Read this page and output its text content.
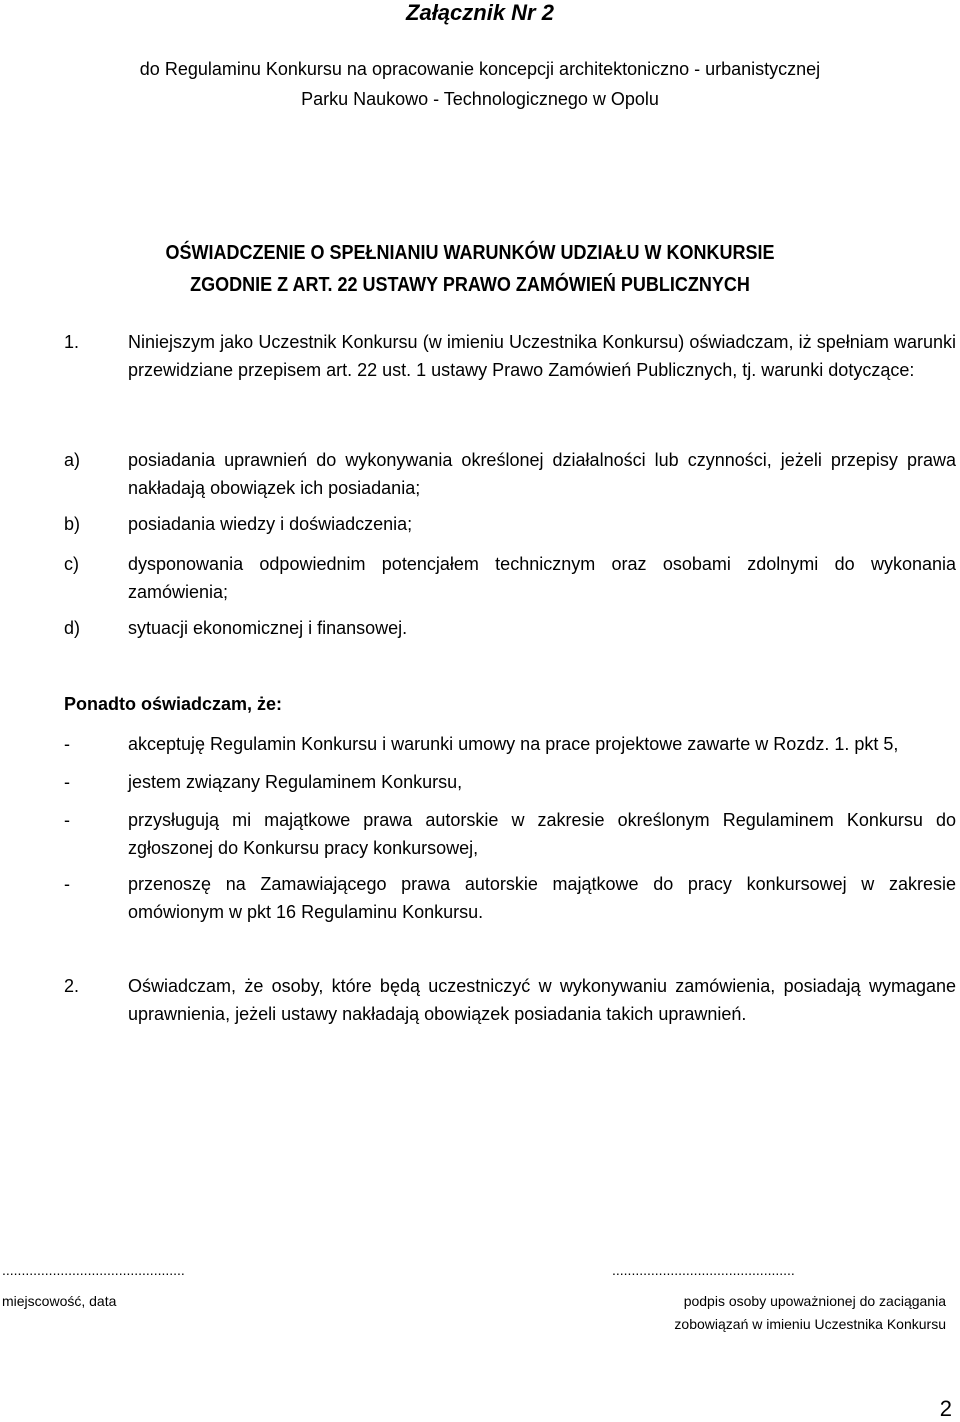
Załącznik Nr 2
do Regulaminu Konkursu na opracowanie koncepcji architektoniczno - urbanistycznej
Parku Naukowo - Technologicznego w Opolu
OŚWIADCZENIE O SPEŁNIANIU WARUNKÓW UDZIAŁU W KONKURSIE
ZGODNIE Z ART. 22 USTAWY PRAWO ZAMÓWIEŃ PUBLICZNYCH
1.	Niniejszym jako Uczestnik Konkursu (w imieniu Uczestnika Konkursu) oświadczam, iż spełniam warunki przewidziane przepisem art. 22 ust. 1 ustawy Prawo Zamówień Publicznych, tj. warunki dotyczące:
a)	posiadania uprawnień do wykonywania określonej działalności lub czynności, jeżeli przepisy prawa nakładają obowiązek ich posiadania;
b)	posiadania wiedzy i doświadczenia;
c)	dysponowania odpowiednim potencjałem technicznym oraz osobami zdolnymi do wykonania zamówienia;
d)	sytuacji ekonomicznej i finansowej.
Ponadto oświadczam, że:
-	akceptuję Regulamin Konkursu i warunki umowy na prace projektowe zawarte w Rozdz. 1. pkt 5,
-	jestem związany Regulaminem Konkursu,
-	przysługują mi majątkowe prawa autorskie w zakresie określonym Regulaminem Konkursu do zgłoszonej do Konkursu pracy konkursowej,
-	przenoszę na Zamawiającego prawa autorskie majątkowe do pracy konkursowej w zakresie omówionym w pkt 16 Regulaminu Konkursu.
2.	Oświadczam, że osoby, które będą uczestniczyć w wykonywaniu zamówienia, posiadają wymagane uprawnienia, jeżeli ustawy nakładają obowiązek posiadania takich uprawnień.
...............................................	...............................................
miejscowość, data	podpis osoby upoważnionej do zaciągania
zobowiązań w imieniu Uczestnika Konkursu
2
